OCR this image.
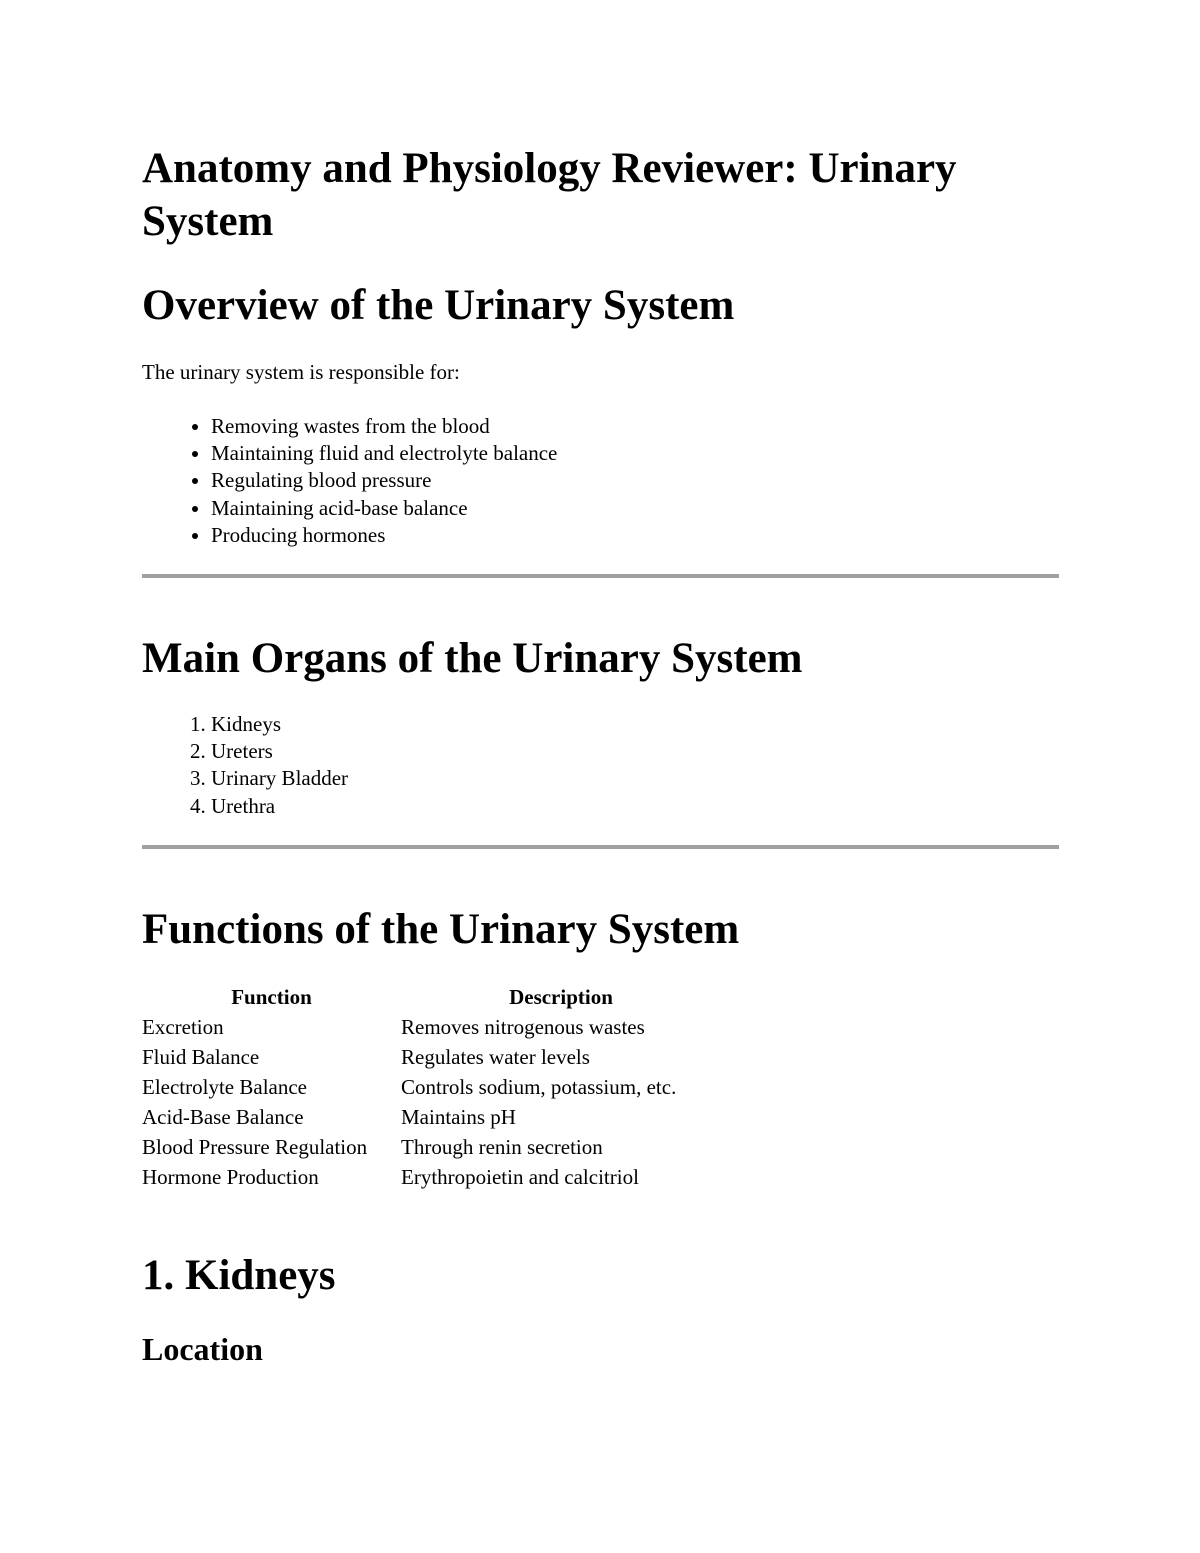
Anatomy and Physiology Reviewer: Urinary System
Overview of the Urinary System

The urinary system is responsible for:

• Removing wastes from the blood
• Maintaining fluid and electrolyte balance
• Regulating blood pressure
• Maintaining acid-base balance
• Producing hormones
Main Organs of the Urinary System
1. Kidneys
2. Ureters
3. Urinary Bladder
4. Urethra
Functions of the Urinary System
Function	Description
Excretion	Removes nitrogenous wastes
Fluid Balance	Regulates water levels
Electrolyte Balance	Controls sodium, potassium, etc.
Acid-Base Balance	Maintains pH
Blood Pressure Regulation	Through renin secretion
Hormone Production	Erythropoietin and calcitriol
1. Kidneys
Location
